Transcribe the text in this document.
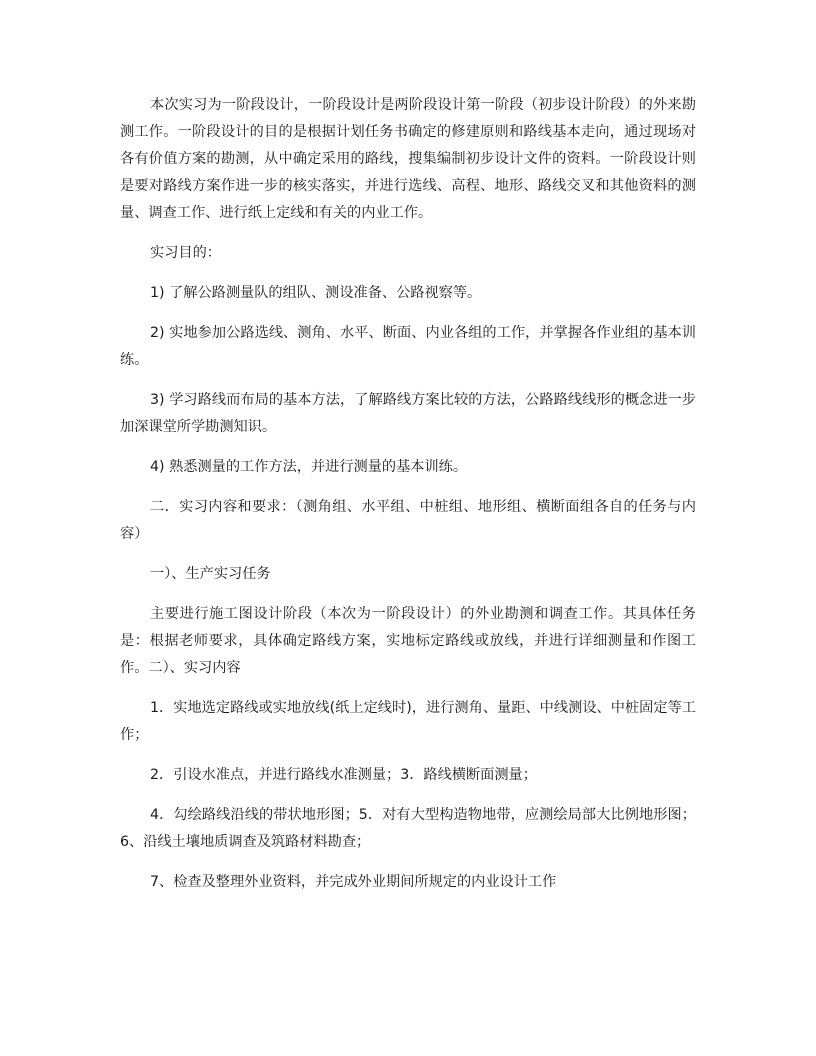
本次实习为一阶段设计，一阶段设计是两阶段设计第一阶段（初步设计阶段）的外来勘测工作。一阶段设计的目的是根据计划任务书确定的修建原则和路线基本走向，通过现场对各有价值方案的勘测，从中确定采用的路线，搜集编制初步设计文件的资料。一阶段设计则是要对路线方案作进一步的核实落实，并进行选线、高程、地形、路线交叉和其他资料的测量、调查工作、进行纸上定线和有关的内业工作。

实习目的：

1) 了解公路测量队的组队、测设准备、公路视察等。

2) 实地参加公路选线、测角、水平、断面、内业各组的工作，并掌握各作业组的基本训练。

3) 学习路线而布局的基本方法，了解路线方案比较的方法，公路路线线形的概念进一步加深课堂所学勘测知识。

4) 熟悉测量的工作方法，并进行测量的基本训练。

二．实习内容和要求：（测角组、水平组、中桩组、地形组、横断面组各自的任务与内容）

一）、生产实习任务

主要进行施工图设计阶段（本次为一阶段设计）的外业勘测和调查工作。其具体任务是：根据老师要求，具体确定路线方案，实地标定路线或放线，并进行详细测量和作图工作。二）、实习内容

1．实地选定路线或实地放线(纸上定线时)，进行测角、量距、中线测设、中桩固定等工作；

2．引设水准点，并进行路线水准测量；3．路线横断面测量；

4．勾绘路线沿线的带状地形图；5．对有大型构造物地带，应测绘局部大比例地形图；6、沿线土壤地质调查及筑路材料勘查；

7、检查及整理外业资料，并完成外业期间所规定的内业设计工作
